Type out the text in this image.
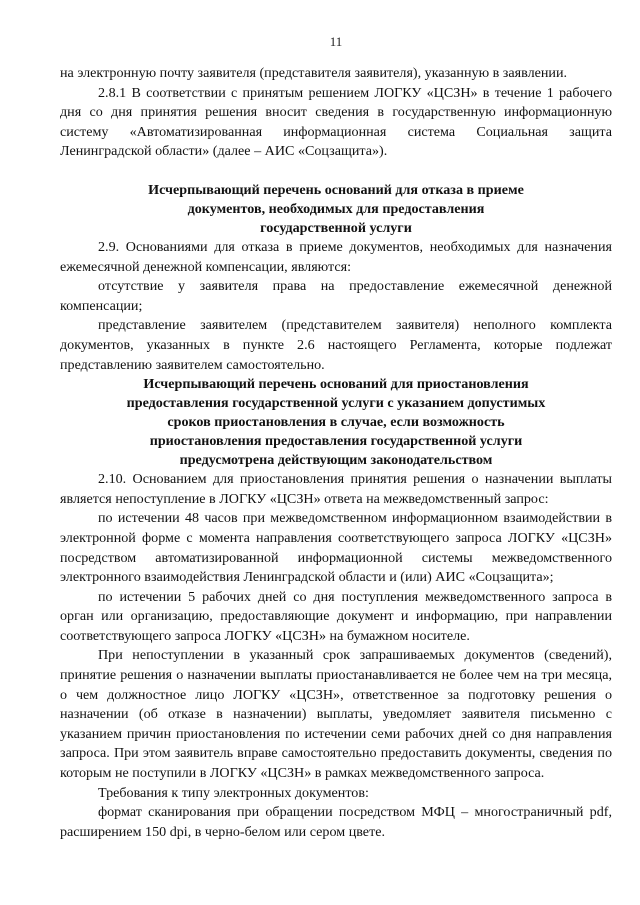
11

на электронную почту заявителя (представителя заявителя), указанную в заявлении.

2.8.1 В соответствии с принятым решением ЛОГКУ «ЦСЗН» в течение 1 рабочего дня со дня принятия решения вносит сведения в государственную информационную систему «Автоматизированная информационная система Социальная защита Ленинградской области» (далее – АИС «Соцзащита»).

Исчерпывающий перечень оснований для отказа в приеме

документов, необходимых для предоставления

государственной услуги

2.9. Основаниями для отказа в приеме документов, необходимых для назначения ежемесячной денежной компенсации, являются:

отсутствие у заявителя права на предоставление ежемесячной денежной компенсации;

представление заявителем (представителем заявителя) неполного комплекта документов, указанных в пункте 2.6 настоящего Регламента, которые подлежат представлению заявителем самостоятельно.

Исчерпывающий перечень оснований для приостановления

предоставления государственной услуги с указанием допустимых

сроков приостановления в случае, если возможность

приостановления предоставления государственной услуги

предусмотрена действующим законодательством

2.10. Основанием для приостановления принятия решения о назначении выплаты является непоступление в ЛОГКУ «ЦСЗН» ответа на межведомственный запрос:

по истечении 48 часов при межведомственном информационном взаимодействии в электронной форме с момента направления соответствующего запроса ЛОГКУ «ЦСЗН» посредством автоматизированной информационной системы межведомственного электронного взаимодействия Ленинградской области и (или) АИС «Соцзащита»;

по истечении 5 рабочих дней со дня поступления межведомственного запроса в орган или организацию, предоставляющие документ и информацию, при направлении соответствующего запроса ЛОГКУ «ЦСЗН» на бумажном носителе.

При непоступлении в указанный срок запрашиваемых документов (сведений), принятие решения о назначении выплаты приостанавливается не более чем на три месяца, о чем должностное лицо ЛОГКУ «ЦСЗН», ответственное за подготовку решения о назначении (об отказе в назначении) выплаты, уведомляет заявителя письменно с указанием причин приостановления по истечении семи рабочих дней со дня направления запроса. При этом заявитель вправе самостоятельно предоставить документы, сведения по которым не поступили в ЛОГКУ «ЦСЗН» в рамках межведомственного запроса.

Требования к типу электронных документов:

формат сканирования при обращении посредством МФЦ – многостраничный pdf, расширением 150 dpi, в черно-белом или сером цвете.
